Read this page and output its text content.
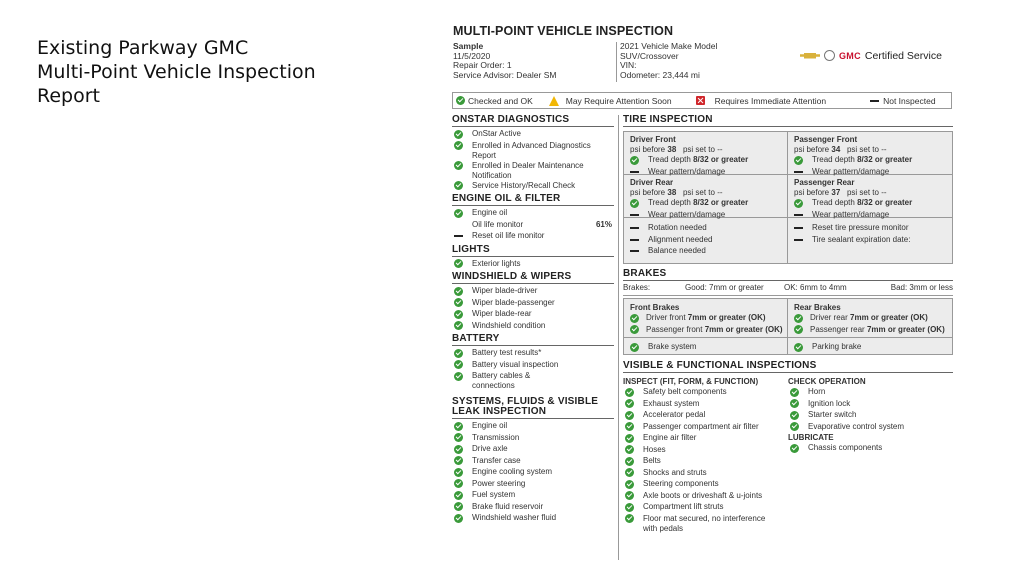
Existing Parkway GMC
Multi-Point Vehicle Inspection
Report
MULTI-POINT VEHICLE INSPECTION
Sample
11/5/2020
Repair Order: 1
Service Advisor: Dealer SM
2021 Vehicle Make Model
SUV/Crossover
VIN:
Odometer: 23,444 mi
GMC Certified Service
Checked and OK	May Require Attention Soon	Requires Immediate Attention	Not Inspected
ONSTAR DIAGNOSTICS
OnStar Active
Enrolled in Advanced Diagnostics Report
Enrolled in Dealer Maintenance Notification
Service History/Recall Check
ENGINE OIL & FILTER
Engine oil
Oil life monitor	61%
Reset oil life monitor
LIGHTS
Exterior lights
WINDSHIELD & WIPERS
Wiper blade-driver
Wiper blade-passenger
Wiper blade-rear
Windshield condition
BATTERY
Battery test results*
Battery visual inspection
Battery cables & connections
SYSTEMS, FLUIDS & VISIBLE
LEAK INSPECTION
Engine oil
Transmission
Drive axle
Transfer case
Engine cooling system
Power steering
Fuel system
Brake fluid reservoir
Windshield washer fluid
TIRE INSPECTION
Driver Front
psi before 38 psi set to --
Tread depth 8/32 or greater
Wear pattern/damage
Passenger Front
psi before 34 psi set to --
Tread depth 8/32 or greater
Wear pattern/damage
Driver Rear
psi before 38 psi set to --
Tread depth 8/32 or greater
Wear pattern/damage
Passenger Rear
psi before 37 psi set to --
Tread depth 8/32 or greater
Wear pattern/damage
Rotation needed
Alignment needed
Balance needed
Reset tire pressure monitor
Tire sealant expiration date:
BRAKES
Brakes:	Good: 7mm or greater	OK: 6mm to 4mm	Bad: 3mm or less
Front Brakes
Driver front 7mm or greater (OK)
Passenger front 7mm or greater (OK)
Rear Brakes
Driver rear 7mm or greater (OK)
Passenger rear 7mm or greater (OK)
Brake system	Parking brake
VISIBLE & FUNCTIONAL INSPECTIONS
INSPECT (FIT, FORM, & FUNCTION)
Safety belt components
Exhaust system
Accelerator pedal
Passenger compartment air filter
Engine air filter
Hoses
Belts
Shocks and struts
Steering components
Axle boots or driveshaft & u-joints
Compartment lift struts
Floor mat secured, no interference with pedals
CHECK OPERATION
Horn
Ignition lock
Starter switch
Evaporative control system
LUBRICATE
Chassis components
